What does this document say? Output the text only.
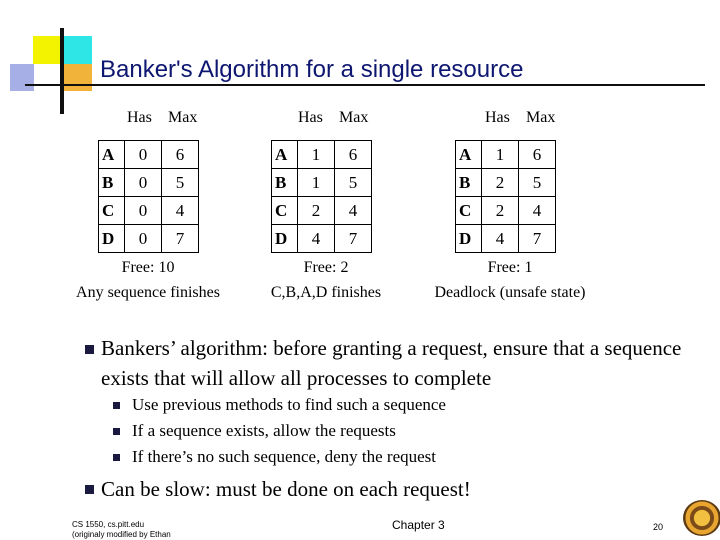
Banker's Algorithm for a single resource
Has Max
A	0	6
B	0	5
C	0	4
D	0	7
Free: 10
Any sequence finishes
Has Max
A	1	6
B	1	5
C	2	4
D	4	7
Free: 2
C,B,A,D finishes
Has Max
A	1	6
B	2	5
C	2	4
D	4	7
Free: 1
Deadlock (unsafe state)
Bankers’ algorithm: before granting a request, ensure that a sequence exists that will allow all processes to complete
Use previous methods to find such a sequence
If a sequence exists, allow the requests
If there’s no such sequence, deny the request
Can be slow: must be done on each request!
CS 1550, cs.pitt.edu
(originaly modified by Ethan
Chapter 3	20
